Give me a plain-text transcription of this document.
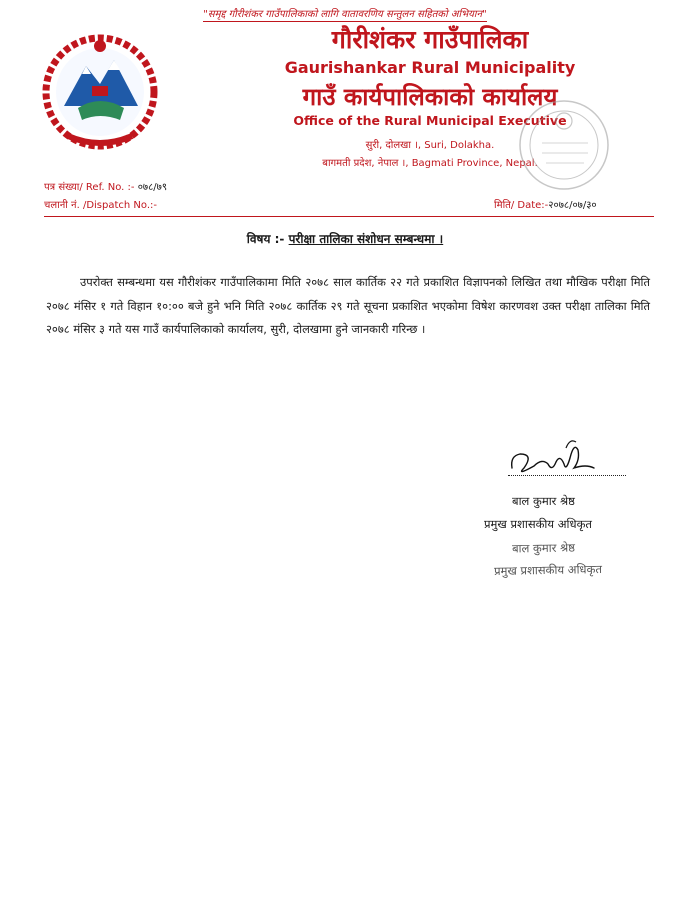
"समृद्द गौरीशंकर गाउँपालिकाको लागि वातावरणिय सन्तुलन सहितको अभियान"
गौरीशंकर गाउँपालिका
Gaurishankar Rural Municipality
गाउँ कार्यपालिकाको कार्यालय
Office of the Rural Municipal Executive
सुरी, दोलखा ।, Suri, Dolakha.
बागमती प्रदेश, नेपाल ।, Bagmati Province, Nepal.
पत्र संख्या/ Ref. No. :- ०७८/७९
चलानी नं. /Dispatch No.:-	मिति/ Date:-२०७८/०७/३०
विषय :- परीक्षा तालिका संशोधन सम्बन्धमा ।
उपरोक्त सम्बन्धमा यस गौरीशंकर गाउँपालिकामा मिति २०७८ साल कार्तिक २२ गते प्रकाशित विज्ञापनको लिखित तथा मौखिक परीक्षा मिति २०७८ मंसिर १ गते विहान १०:०० बजे हुने भनि मिति २०७८ कार्तिक २९ गते सूचना प्रकाशित भएकोमा विषेश कारणवश उक्त परीक्षा तालिका मिति २०७८ मंसिर ३ गते यस गाउँ कार्यपालिकाको कार्यालय, सुरी, दोलखामा हुने जानकारी गरिन्छ ।
बाल कुमार श्रेष्ठ
प्रमुख प्रशासकीय अधिकृत
बाल कुमार श्रेष्ठ
प्रमुख प्रशासकीय अधिकृत
